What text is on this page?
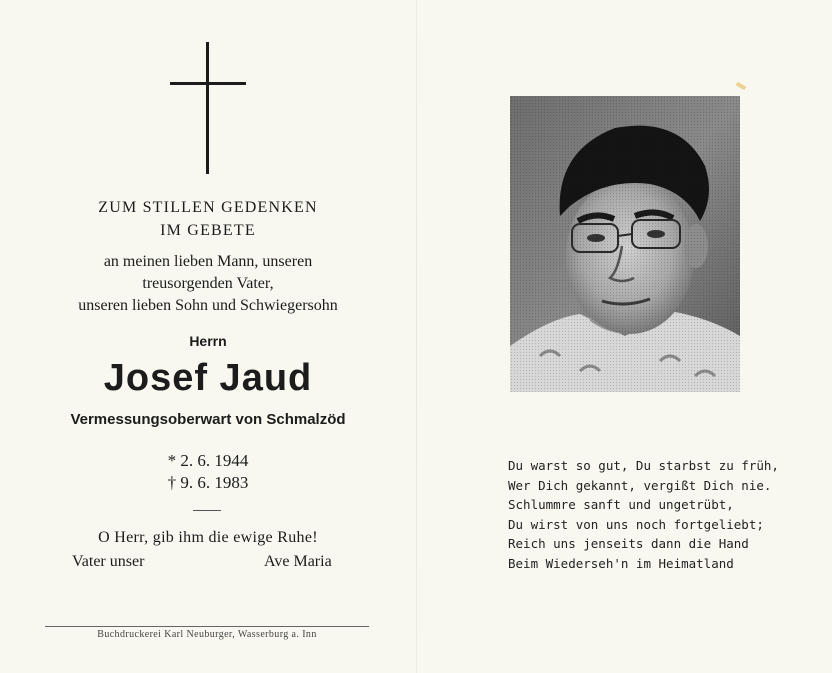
ZUM STILLEN GEDENKEN
IM GEBETE
an meinen lieben Mann, unseren
treusorgenden Vater,
unseren lieben Sohn und Schwiegersohn
Herrn
Josef Jaud
Vermessungsoberwart von Schmalzöd
* 2. 6. 1944
† 9. 6. 1983
O Herr, gib ihm die ewige Ruhe!
Vater unser	Ave Maria
Buchdruckerei Karl Neuburger, Wasserburg a. Inn
Du warst so gut, Du starbst zu früh,
Wer Dich gekannt, vergißt Dich nie.
Schlummre sanft und ungetrübt,
Du wirst von uns noch fortgeliebt;
Reich uns jenseits dann die Hand
Beim Wiederseh'n im Heimatland
